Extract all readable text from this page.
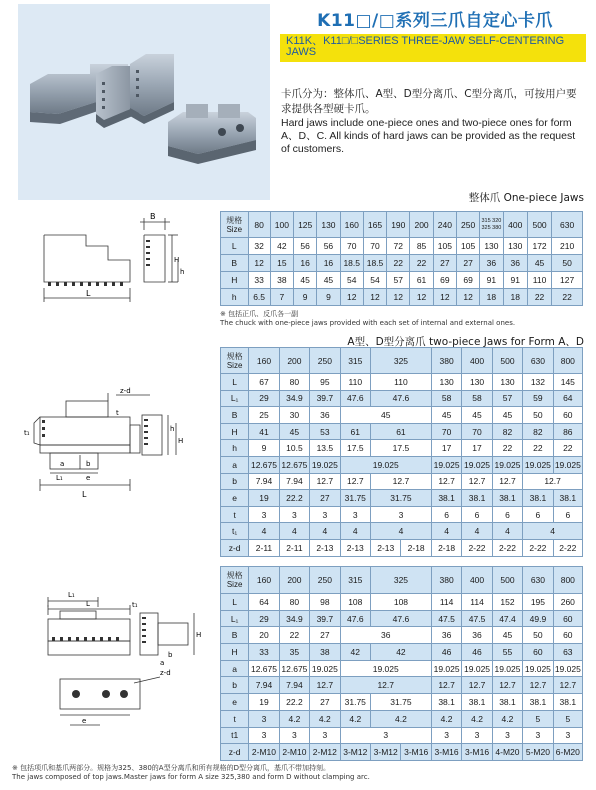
K11□/□系列三爪自定心卡爪
K11K、K11□/□SERIES THREE-JAW SELF-CENTERING
JAWS
卡爪分为：整体爪、A型、D型分离爪、C型分离爪，可按用户要求提供各型硬卡爪。
Hard jaws include one-piece ones and two-piece ones for form A、D、C. All kinds of hard jaws can be provided as the request of customers.
整体爪 One-piece Jaws
B
H
h
L
规格 Size	80	100	125	130	160	165	190	200	240	250	315 320 325 380	400	500	630
L	32	42	56	56	70	70	72	85	105	105	130	130	172	210
B	12	15	16	16	18.5	18.5	22	22	27	27	36	36	45	50
H	33	38	45	45	54	54	57	61	69	69	91	91	110	127
h	6.5	7	9	9	12	12	12	12	12	12	18	18	22	22
※ 包括正爪、反爪各一副
The chuck with one-piece jaws provided with each set of internal and external ones.
A型、D型分离爪 two-piece Jaws for Form A、D
z-d
t
h
H
t₁
b
a
L₁	e
L
规格 Size	160	200	250	315	325		380	400	500	630	800
L	67	80	95	110	110		130	130	130	132	145
L₁	29	34.9	39.7	47.6	47.6		58	58	57	59	64
B	25	30	36	45			45	45	45	50	60
H	41	45	53	61	61		70	70	82	82	86
h	9	10.5	13.5	17.5	17.5		17	17	22	22	22
a	12.675	12.675	19.025	19.025			19.025	19.025	19.025	19.025	19.025
b	7.94	7.94	12.7	12.7	12.7		12.7	12.7	12.7	12.7	
e	19	22.2	27	31.75	31.75		38.1	38.1	38.1	38.1	38.1
t	3	3	3	3	3		6	6	6	6	6
t₁	4	4	4	4	4		4	4	4	4	
z-d	2-11	2-11	2-13	2-13	2-13	2-18	2-18	2-22	2-22	2-22	2-22
L₁
L	t₁
H
b
a
z-d
e
规格 Size	160	200	250	315	325		380	400	500	630	800
L	64	80	98	108	108		114	114	152	195	260
L₁	29	34.9	39.7	47.6	47.6		47.5	47.5	47.4	49.9	60
B	20	22	27	36			36	36	45	50	60
H	33	35	38	42	42		46	46	55	60	63
a	12.675	12.675	19.025	19.025			19.025	19.025	19.025	19.025	19.025
b	7.94	7.94	12.7	12.7			12.7	12.7	12.7	12.7	12.7
e	19	22.2	27	31.75	31.75		38.1	38.1	38.1	38.1	38.1
t	3	4.2	4.2	4.2	4.2		4.2	4.2	4.2	5	5
t1	3	3	3	3			3	3	3	3	3
z-d	2-M10	2-M10	2-M12	3-M12	3-M12	3-M16	3-M16	3-M16	4-M20	5-M20	6-M20
※ 包括项爪和基爪两部分。规格为325、380的A型分离爪和所有规格的D型分离爪，基爪不带加持刻。
The jaws composed of top jaws.Master jaws for form A size 325,380 and form D without clamping arc.
